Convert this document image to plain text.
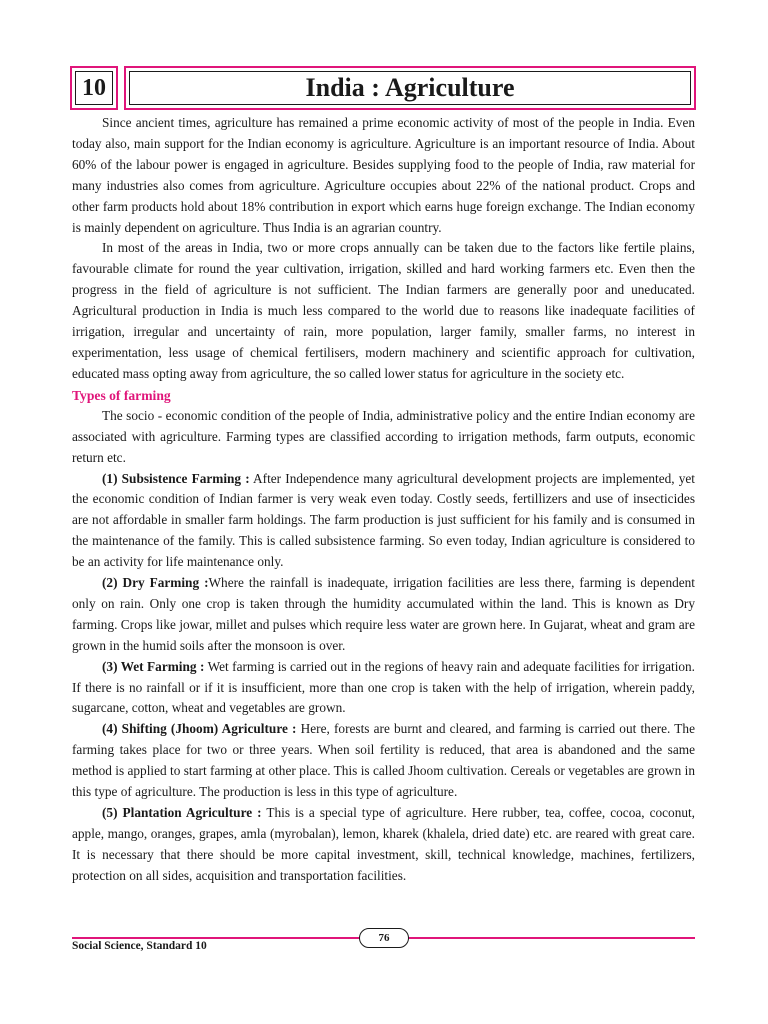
10	India : Agriculture

Since ancient times, agriculture has remained a prime economic activity of most of the people in India. Even today also, main support for the Indian economy is agriculture. Agriculture is an important resource of India. About 60% of the labour power is engaged in agriculture. Besides supplying food to the people of India, raw material for many industries also comes from agriculture. Agriculture occupies about 22% of the national product. Crops and other farm products hold about 18% contribution in export which earns huge foreign exchange. The Indian economy is mainly dependent on agriculture. Thus India is an agrarian country.

In most of the areas in India, two or more crops annually can be taken due to the factors like fertile plains, favourable climate for round the year cultivation, irrigation, skilled and hard working farmers etc. Even then the progress in the field of agriculture is not sufficient. The Indian farmers are generally poor and uneducated. Agricultural production in India is much less compared to the world due to reasons like inadequate facilities of irrigation, irregular and uncertainty of rain, more population, larger family, smaller farms, no interest in experimentation, less usage of chemical fertilisers, modern machinery and scientific approach for cultivation, educated mass opting away from agriculture, the so called lower status for agriculture in the society etc.

Types of farming

The socio - economic condition of the people of India, administrative policy and the entire Indian economy are associated with agriculture. Farming types are classified according to irrigation methods, farm outputs, economic return etc.

(1) Subsistence Farming : After Independence many agricultural development projects are implemented, yet the economic condition of Indian farmer is very weak even today. Costly seeds, fertillizers and use of insecticides are not affordable in smaller farm holdings. The farm production is just sufficient for his family and is consumed in the maintenance of the family. This is called subsistence farming. So even today, Indian agriculture is considered to be an activity for life maintenance only.

(2) Dry Farming :Where the rainfall is inadequate, irrigation facilities are less there, farming is dependent only on rain. Only one crop is taken through the humidity accumulated within the land. This is known as Dry farming. Crops like jowar, millet and pulses which require less water are grown here. In Gujarat, wheat and gram are grown in the humid soils after the monsoon is over.

(3) Wet Farming : Wet farming is carried out in the regions of heavy rain and adequate facilities for irrigation. If there is no rainfall or if it is insufficient, more than one crop is taken with the help of irrigation, wherein paddy, sugarcane, cotton, wheat and vegetables are grown.

(4) Shifting (Jhoom) Agriculture : Here, forests are burnt and cleared, and farming is carried out there. The farming takes place for two or three years. When soil fertility is reduced, that area is abandoned and the same method is applied to start farming at other place. This is called Jhoom cultivation. Cereals or vegetables are grown in this type of agriculture. The production is less in this type of agriculture.

(5) Plantation Agriculture : This is a special type of agriculture. Here rubber, tea, coffee, cocoa, coconut, apple, mango, oranges, grapes, amla (myrobalan), lemon, kharek (khalela, dried date) etc. are reared with great care. It is necessary that there should be more capital investment, skill, technical knowledge, machines, fertilizers, protection on all sides, acquisition and transportation facilities.

76
Social Science, Standard 10
